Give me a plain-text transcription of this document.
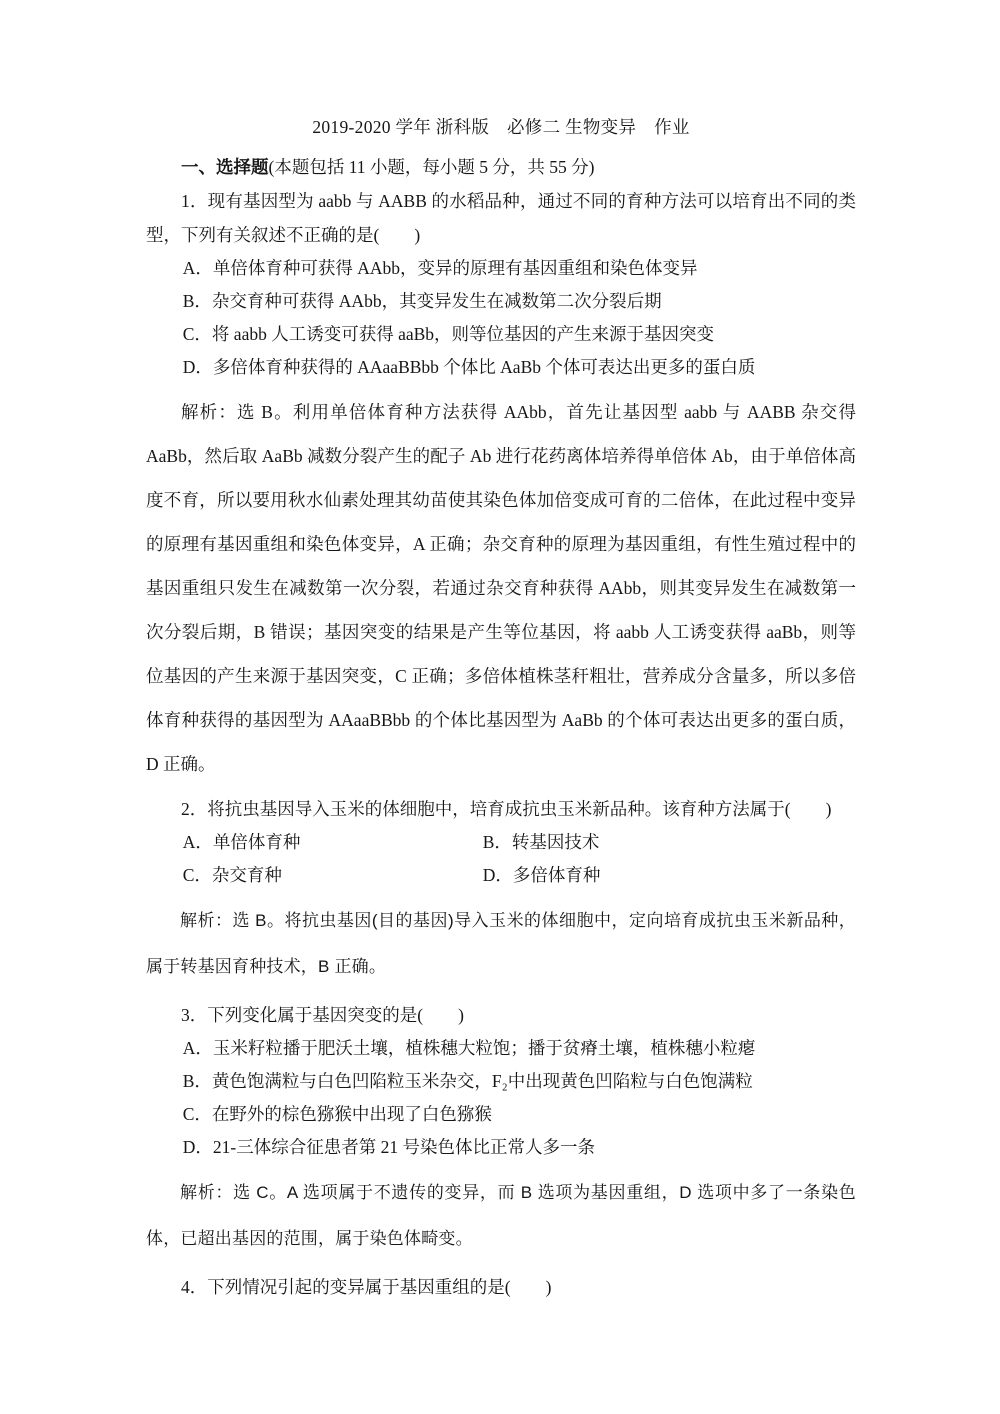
2019-2020 学年 浙科版　必修二 生物变异　作业

一、选择题(本题包括 11 小题，每小题 5 分，共 55 分)

1．现有基因型为 aabb 与 AABB 的水稻品种，通过不同的育种方法可以培育出不同的类型，下列有关叙述不正确的是(　　)

A．单倍体育种可获得 AAbb，变异的原理有基因重组和染色体变异

B．杂交育种可获得 AAbb，其变异发生在减数第二次分裂后期

C．将 aabb 人工诱变可获得 aaBb，则等位基因的产生来源于基因突变

D．多倍体育种获得的 AAaaBBbb 个体比 AaBb 个体可表达出更多的蛋白质

解析：选 B。利用单倍体育种方法获得 AAbb，首先让基因型 aabb 与 AABB 杂交得 AaBb，然后取 AaBb 减数分裂产生的配子 Ab 进行花药离体培养得单倍体 Ab，由于单倍体高度不育，所以要用秋水仙素处理其幼苗使其染色体加倍变成可育的二倍体，在此过程中变异的原理有基因重组和染色体变异，A 正确；杂交育种的原理为基因重组，有性生殖过程中的基因重组只发生在减数第一次分裂，若通过杂交育种获得 AAbb，则其变异发生在减数第一次分裂后期，B 错误；基因突变的结果是产生等位基因，将 aabb 人工诱变获得 aaBb，则等位基因的产生来源于基因突变，C 正确；多倍体植株茎秆粗壮，营养成分含量多，所以多倍体育种获得的基因型为 AAaaBBbb 的个体比基因型为 AaBb 的个体可表达出更多的蛋白质，D 正确。

2．将抗虫基因导入玉米的体细胞中，培育成抗虫玉米新品种。该育种方法属于(　　)

A．单倍体育种	B．转基因技术

C．杂交育种	D．多倍体育种

解析：选 B。将抗虫基因(目的基因)导入玉米的体细胞中，定向培育成抗虫玉米新品种，属于转基因育种技术，B 正确。

3．下列变化属于基因突变的是(　　)

A．玉米籽粒播于肥沃土壤，植株穗大粒饱；播于贫瘠土壤，植株穗小粒瘪

B．黄色饱满粒与白色凹陷粒玉米杂交，F₂中出现黄色凹陷粒与白色饱满粒

C．在野外的棕色猕猴中出现了白色猕猴

D．21-三体综合征患者第 21 号染色体比正常人多一条

解析：选 C。A 选项属于不遗传的变异，而 B 选项为基因重组，D 选项中多了一条染色体，已超出基因的范围，属于染色体畸变。

4．下列情况引起的变异属于基因重组的是(　　)
